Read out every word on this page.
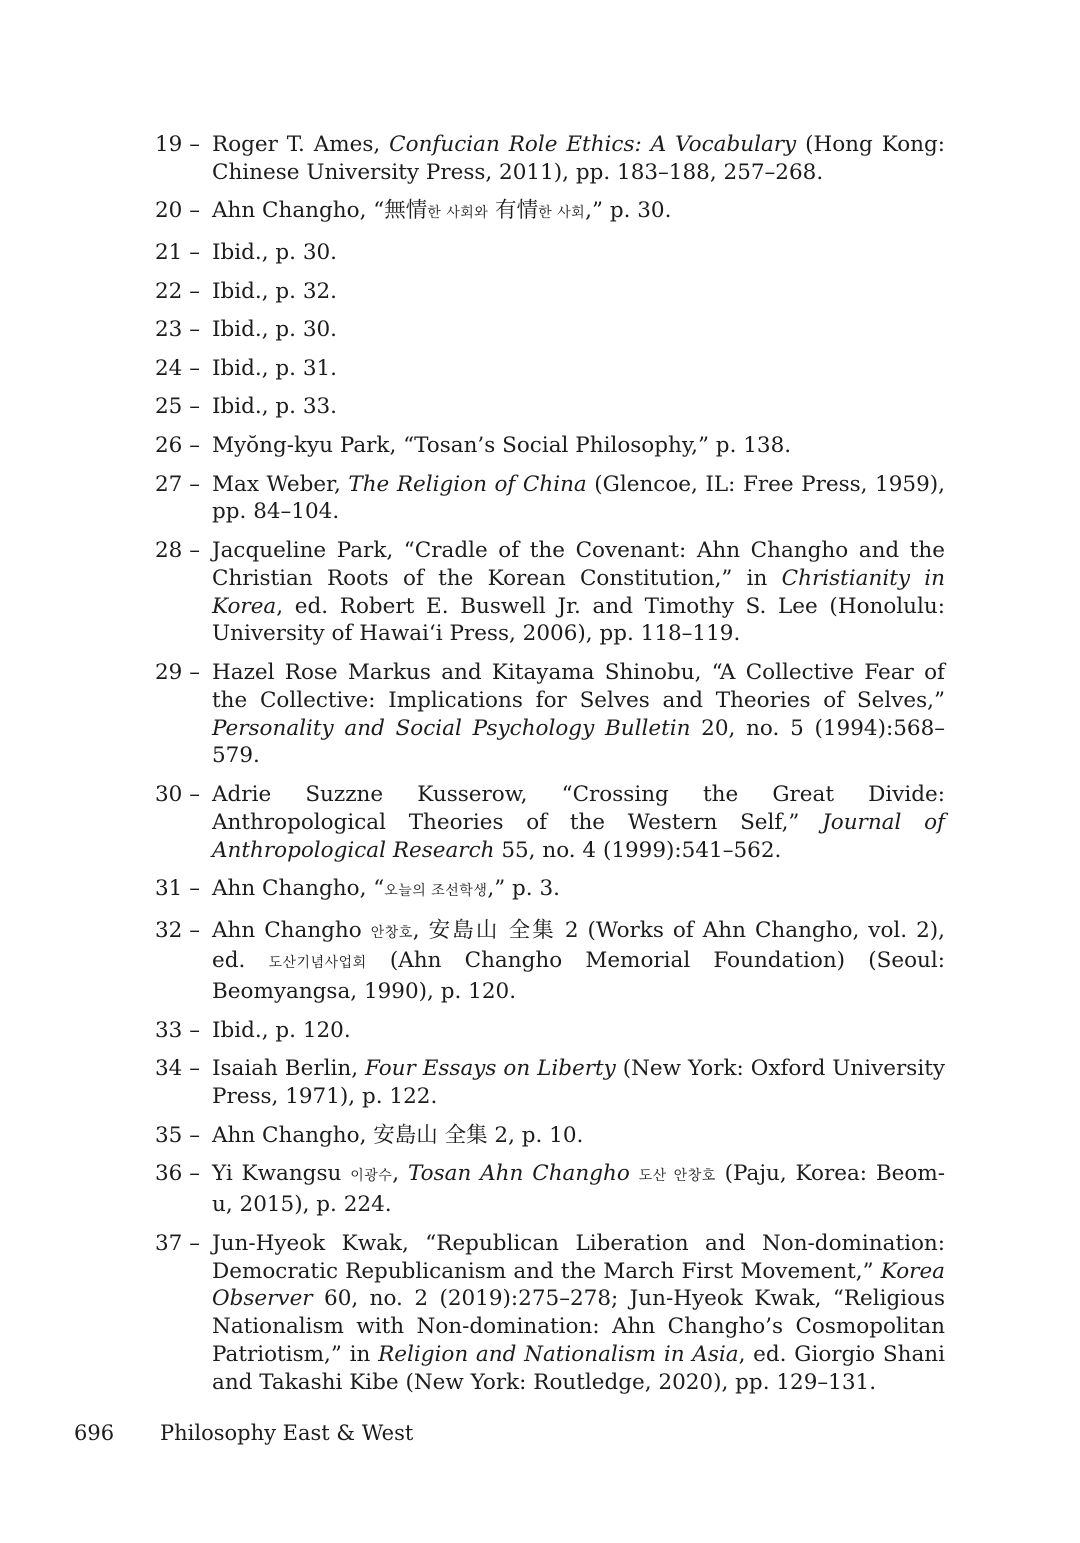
19 – Roger T. Ames, Confucian Role Ethics: A Vocabulary (Hong Kong: Chinese University Press, 2011), pp. 183–188, 257–268.
20 – Ahn Changho, “無情한 사회와 有情한 사회,” p. 30.
21 – Ibid., p. 30.
22 – Ibid., p. 32.
23 – Ibid., p. 30.
24 – Ibid., p. 31.
25 – Ibid., p. 33.
26 – Myŏng-kyu Park, “Tosan’s Social Philosophy,” p. 138.
27 – Max Weber, The Religion of China (Glencoe, IL: Free Press, 1959), pp. 84–104.
28 – Jacqueline Park, “Cradle of the Covenant: Ahn Changho and the Christian Roots of the Korean Constitution,” in Christianity in Korea, ed. Robert E. Buswell Jr. and Timothy S. Lee (Honolulu: University of Hawai‘i Press, 2006), pp. 118–119.
29 – Hazel Rose Markus and Kitayama Shinobu, “A Collective Fear of the Collective: Implications for Selves and Theories of Selves,” Personality and Social Psychology Bulletin 20, no. 5 (1994):568–579.
30 – Adrie Suzzne Kusserow, “Crossing the Great Divide: Anthropological Theories of the Western Self,” Journal of Anthropological Research 55, no. 4 (1999):541–562.
31 – Ahn Changho, “오늘의 조선학생,” p. 3.
32 – Ahn Changho 안창호, 安島山 全集 2 (Works of Ahn Changho, vol. 2), ed. 도산기념사업회 (Ahn Changho Memorial Foundation) (Seoul: Beomyangsa, 1990), p. 120.
33 – Ibid., p. 120.
34 – Isaiah Berlin, Four Essays on Liberty (New York: Oxford University Press, 1971), p. 122.
35 – Ahn Changho, 安島山 全集 2, p. 10.
36 – Yi Kwangsu 이광수, Tosan Ahn Changho 도산 안창호 (Paju, Korea: Beom-u, 2015), p. 224.
37 – Jun-Hyeok Kwak, “Republican Liberation and Non-domination: Democratic Republicanism and the March First Movement,” Korea Observer 60, no. 2 (2019):275–278; Jun-Hyeok Kwak, “Religious Nationalism with Non-domination: Ahn Changho’s Cosmopolitan Patriotism,” in Religion and Nationalism in Asia, ed. Giorgio Shani and Takashi Kibe (New York: Routledge, 2020), pp. 129–131.
696 Philosophy East & West
